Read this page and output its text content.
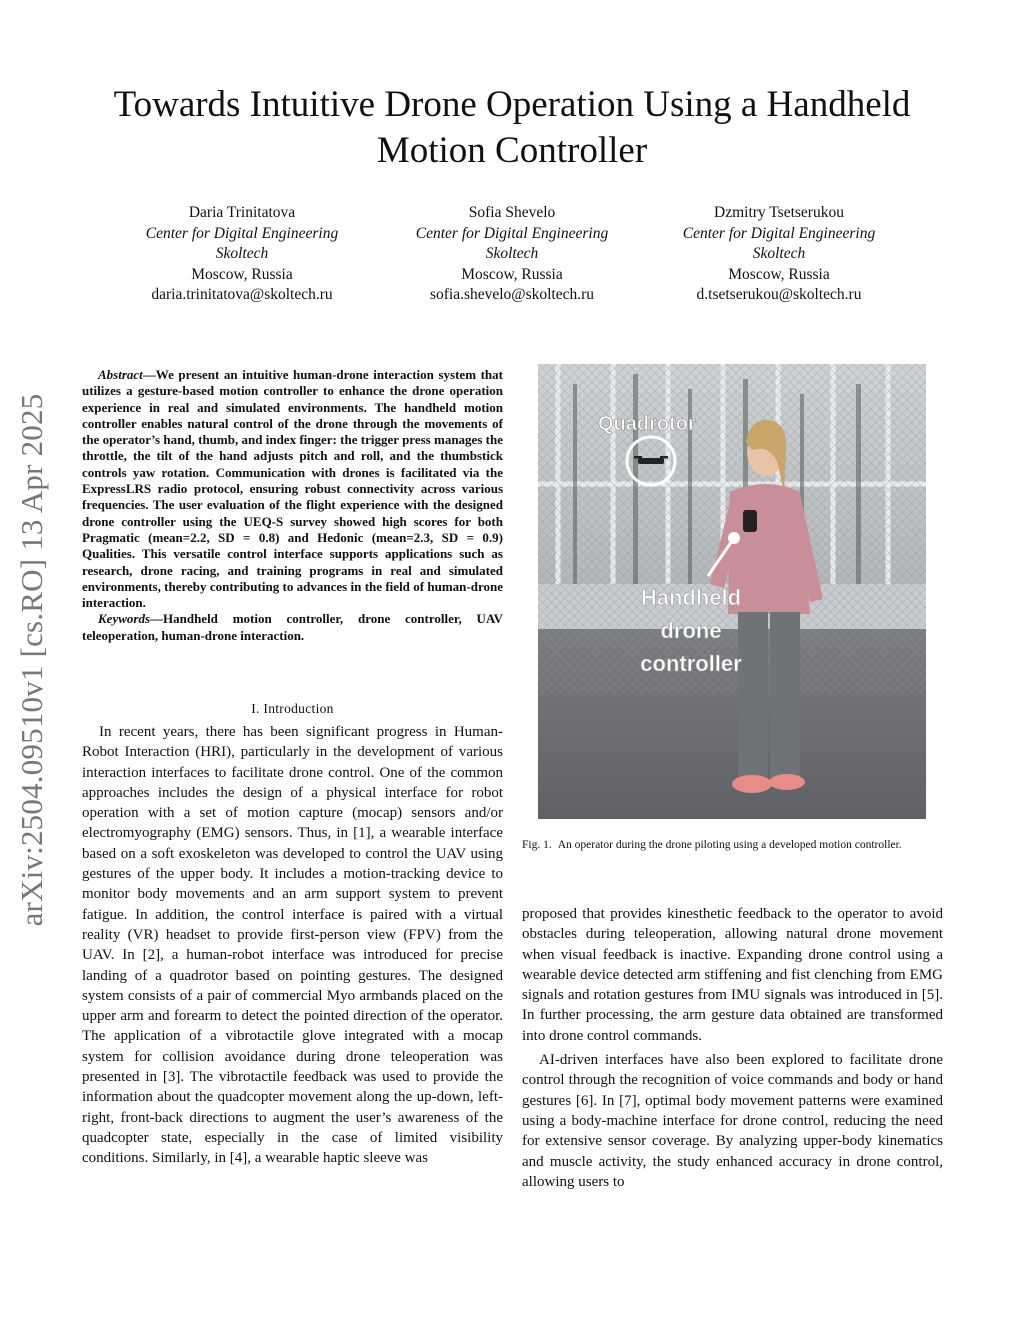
Towards Intuitive Drone Operation Using a Handheld Motion Controller
Daria Trinitatova
Center for Digital Engineering
Skoltech
Moscow, Russia
daria.trinitatova@skoltech.ru
Sofia Shevelo
Center for Digital Engineering
Skoltech
Moscow, Russia
sofia.shevelo@skoltech.ru
Dzmitry Tsetserukou
Center for Digital Engineering
Skoltech
Moscow, Russia
d.tsetserukou@skoltech.ru
arXiv:2504.09510v1 [cs.RO] 13 Apr 2025

Abstract—We present an intuitive human-drone interaction system that utilizes a gesture-based motion controller to enhance the drone operation experience in real and simulated environments. The handheld motion controller enables natural control of the drone through the movements of the operator’s hand, thumb, and index finger: the trigger press manages the throttle, the tilt of the hand adjusts pitch and roll, and the thumbstick controls yaw rotation. Communication with drones is facilitated via the ExpressLRS radio protocol, ensuring robust connectivity across various frequencies. The user evaluation of the flight experience with the designed drone controller using the UEQ-S survey showed high scores for both Pragmatic (mean=2.2, SD = 0.8) and Hedonic (mean=2.3, SD = 0.9) Qualities. This versatile control interface supports applications such as research, drone racing, and training programs in real and simulated environments, thereby contributing to advances in the field of human-drone interaction.

Keywords—Handheld motion controller, drone controller, UAV teleoperation, human-drone interaction.

I. Introduction

In recent years, there has been significant progress in Human-Robot Interaction (HRI), particularly in the development of various interaction interfaces to facilitate drone control. One of the common approaches includes the design of a physical interface for robot operation with a set of motion capture (mocap) sensors and/or electromyography (EMG) sensors. Thus, in [1], a wearable interface based on a soft exoskeleton was developed to control the UAV using gestures of the upper body. It includes a motion-tracking device to monitor body movements and an arm support system to prevent fatigue. In addition, the control interface is paired with a virtual reality (VR) headset to provide first-person view (FPV) from the UAV. In [2], a human-robot interface was introduced for precise landing of a quadrotor based on pointing gestures. The designed system consists of a pair of commercial Myo armbands placed on the upper arm and forearm to detect the pointed direction of the operator. The application of a vibrotactile glove integrated with a mocap system for collision avoidance during drone teleoperation was presented in [3]. The vibrotactile feedback was used to provide the information about the quadcopter movement along the up-down, left-right, front-back directions to augment the user’s awareness of the quadcopter state, especially in the case of limited visibility conditions. Similarly, in [4], a wearable haptic sleeve was

Quadrotor
Handheld
drone
controller
Fig. 1. An operator during the drone piloting using a developed motion controller.

proposed that provides kinesthetic feedback to the operator to avoid obstacles during teleoperation, allowing natural drone movement when visual feedback is inactive. Expanding drone control using a wearable device detected arm stiffening and fist clenching from EMG signals and rotation gestures from IMU signals was introduced in [5]. In further processing, the arm gesture data obtained are transformed into drone control commands.

AI-driven interfaces have also been explored to facilitate drone control through the recognition of voice commands and body or hand gestures [6]. In [7], optimal body movement patterns were examined using a body-machine interface for drone control, reducing the need for extensive sensor coverage. By analyzing upper-body kinematics and muscle activity, the study enhanced accuracy in drone control, allowing users to
